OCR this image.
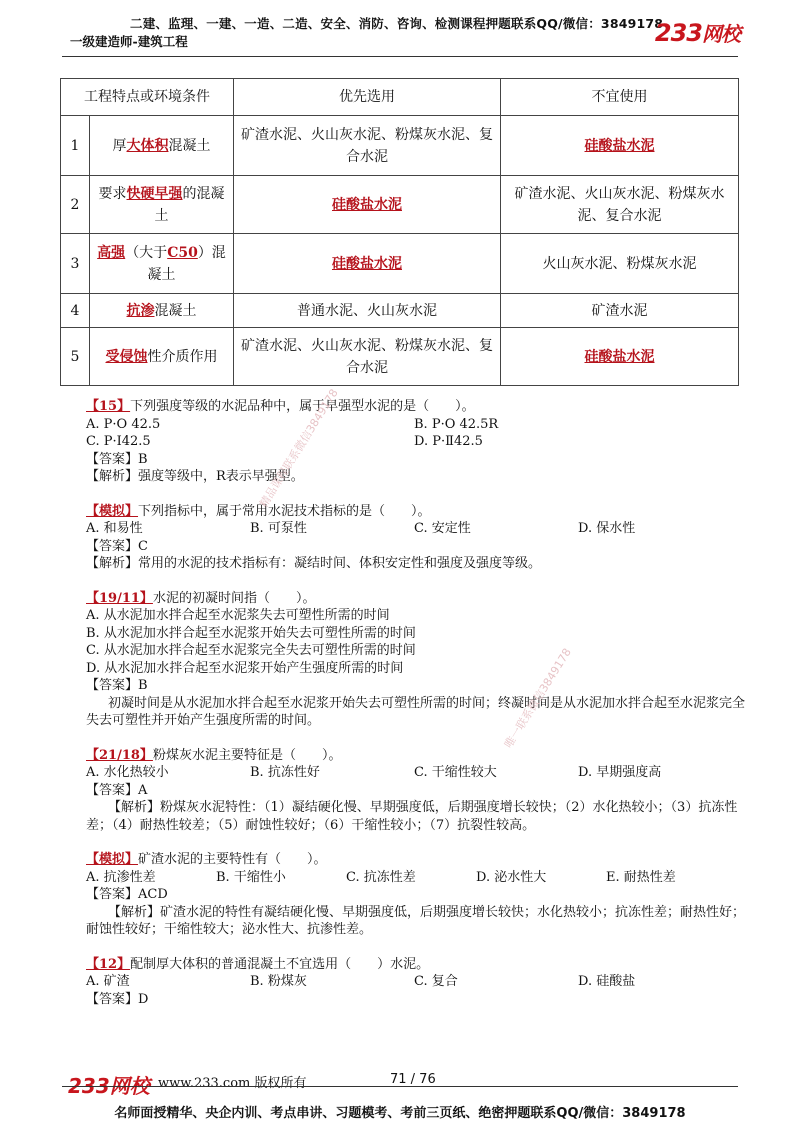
二建、监理、一建、一造、二造、安全、消防、咨询、检测课程押题联系QQ/微信：3849178
一级建造师-建筑工程	233网校
工程特点或环境条件		优先选用	不宜使用
1	厚大体积混凝土	矿渣水泥、火山灰水泥、粉煤灰水泥、复合水泥	硅酸盐水泥
2	要求快硬早强的混凝土	硅酸盐水泥	矿渣水泥、火山灰水泥、粉煤灰水泥、复合水泥
3	高强（大于C50）混凝土	硅酸盐水泥	火山灰水泥、粉煤灰水泥
4	抗渗混凝土	普通水泥、火山灰水泥	矿渣水泥
5	受侵蚀性介质作用	矿渣水泥、火山灰水泥、粉煤灰水泥、复合水泥	硅酸盐水泥

【15】下列强度等级的水泥品种中，属于早强型水泥的是（　　）。

A. P·O 42.5	B. P·O 42.5R

C. P·Ⅰ42.5	D. P·Ⅱ42.5

【答案】B

【解析】强度等级中，R表示早强型。

【模拟】下列指标中，属于常用水泥技术指标的是（　　）。

A. 和易性	B. 可泵性	C. 安定性	D. 保水性

【答案】C

【解析】常用的水泥的技术指标有：凝结时间、体积安定性和强度及强度等级。

【19/11】水泥的初凝时间指（　　）。

A. 从水泥加水拌合起至水泥浆失去可塑性所需的时间

B. 从水泥加水拌合起至水泥浆开始失去可塑性所需的时间

C. 从水泥加水拌合起至水泥浆完全失去可塑性所需的时间

D. 从水泥加水拌合起至水泥浆开始产生强度所需的时间

【答案】B

初凝时间是从水泥加水拌合起至水泥浆开始失去可塑性所需的时间；终凝时间是从水泥加水拌合起至水泥浆完全失去可塑性并开始产生强度所需的时间。

【21/18】粉煤灰水泥主要特征是（　　）。

A. 水化热较小	B. 抗冻性好	C. 干缩性较大	D. 早期强度高

【答案】A

【解析】粉煤灰水泥特性：（1）凝结硬化慢、早期强度低，后期强度增长较快；（2）水化热较小；（3）抗冻性差；（4）耐热性较差；（5）耐蚀性较好；（6）干缩性较小；（7）抗裂性较高。

【模拟】矿渣水泥的主要特性有（　　）。

A. 抗渗性差	B. 干缩性小	C. 抗冻性差	D. 泌水性大	E. 耐热性差

【答案】ACD

【解析】矿渣水泥的特性有凝结硬化慢、早期强度低，后期强度增长较快；水化热较小；抗冻性差；耐热性好；耐蚀性较好；干缩性较大；泌水性大、抗渗性差。

【12】配制厚大体积的普通混凝土不宜选用（　　）水泥。

A. 矿渣	B. 粉煤灰	C. 复合	D. 硅酸盐

【答案】D

精品课程联系微信3849178
唯一联系微信3849178
233网校 www.233.com 版权所有	71 / 76
名师面授精华、央企内训、考点串讲、习题模考、考前三页纸、绝密押题联系QQ/微信：3849178
